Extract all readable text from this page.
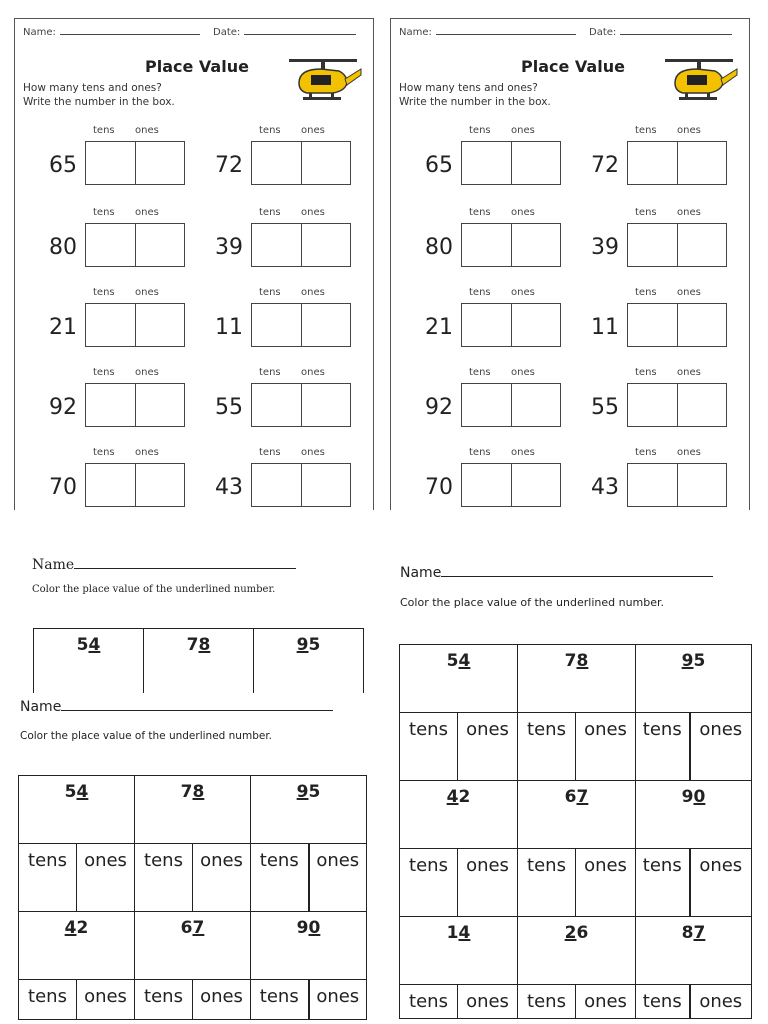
Name:	Date:
Place Value
How many tens and ones?
Write the number in the box.
tens ones
65
tens ones
72
tens ones
80
tens ones
39
tens ones
21
tens ones
11
tens ones
92
tens ones
55
tens ones
70
tens ones
43
Name:	Date:
Place Value
How many tens and ones?
Write the number in the box.
tens ones
65
tens ones
72
tens ones
80
tens ones
39
tens ones
21
tens ones
11
tens ones
92
tens ones
55
tens ones
70
tens ones
43
Name
Color the place value of the underlined number.
54	78	95
Name
Color the place value of the underlined number.
54		78		95	
tens	ones	tens	ones	tens	ones
42		67		90	
tens	ones	tens	ones	tens	ones
Name
Color the place value of the underlined number.
54		78		95	
tens	ones	tens	ones	tens	ones
42		67		90	
tens	ones	tens	ones	tens	ones
14		26		87	
tens	ones	tens	ones	tens	ones
